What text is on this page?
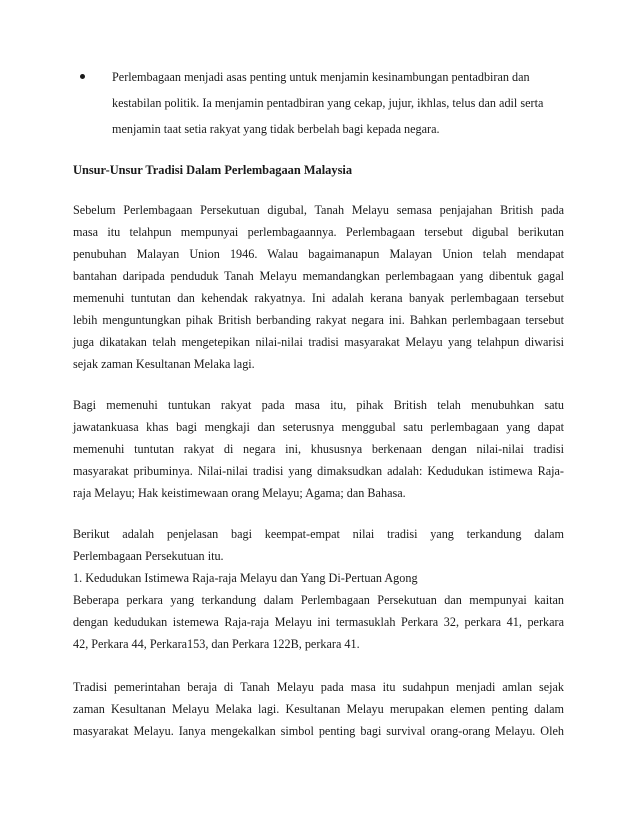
Perlembagaan menjadi asas penting untuk menjamin kesinambungan pentadbiran dan
kestabilan politik. Ia menjamin pentadbiran yang cekap, jujur, ikhlas, telus dan adil serta
menjamin taat setia rakyat yang tidak berbelah bagi kepada negara.
Unsur-Unsur Tradisi Dalam Perlembagaan Malaysia
Sebelum Perlembagaan Persekutuan digubal, Tanah Melayu semasa penjajahan British pada
masa itu telahpun mempunyai perlembagaannya. Perlembagaan tersebut digubal berikutan
penubuhan Malayan Union 1946. Walau bagaimanapun Malayan Union telah mendapat
bantahan daripada penduduk Tanah Melayu memandangkan perlembagaan yang dibentuk gagal
memenuhi tuntutan dan kehendak rakyatnya. Ini adalah kerana banyak perlembagaan tersebut
lebih menguntungkan pihak British berbanding rakyat negara ini. Bahkan perlembagaan tersebut
juga dikatakan telah mengetepikan nilai-nilai tradisi masyarakat Melayu yang telahpun diwarisi
sejak zaman Kesultanan Melaka lagi.
Bagi memenuhi tuntukan rakyat pada masa itu, pihak British telah menubuhkan satu
jawatankuasa khas bagi mengkaji dan seterusnya menggubal satu perlembagaan yang dapat
memenuhi tuntutan rakyat di negara ini, khususnya berkenaan dengan nilai-nilai tradisi
masyarakat pribuminya. Nilai-nilai tradisi yang dimaksudkan adalah: Kedudukan istimewa Raja-
raja Melayu; Hak keistimewaan orang Melayu; Agama; dan Bahasa.
Berikut adalah penjelasan bagi keempat-empat nilai tradisi yang terkandung dalam
Perlembagaan Persekutuan itu.
1. Kedudukan Istimewa Raja-raja Melayu dan Yang Di-Pertuan Agong
Beberapa perkara yang terkandung dalam Perlembagaan Persekutuan dan mempunyai kaitan
dengan kedudukan istemewa Raja-raja Melayu ini termasuklah Perkara 32, perkara 41, perkara
42, Perkara 44, Perkara153, dan Perkara 122B, perkara 41.
Tradisi pemerintahan beraja di Tanah Melayu pada masa itu sudahpun menjadi amlan sejak
zaman Kesultanan Melayu Melaka lagi. Kesultanan Melayu merupakan elemen penting dalam
masyarakat Melayu. Ianya mengekalkan simbol penting bagi survival orang-orang Melayu. Oleh
